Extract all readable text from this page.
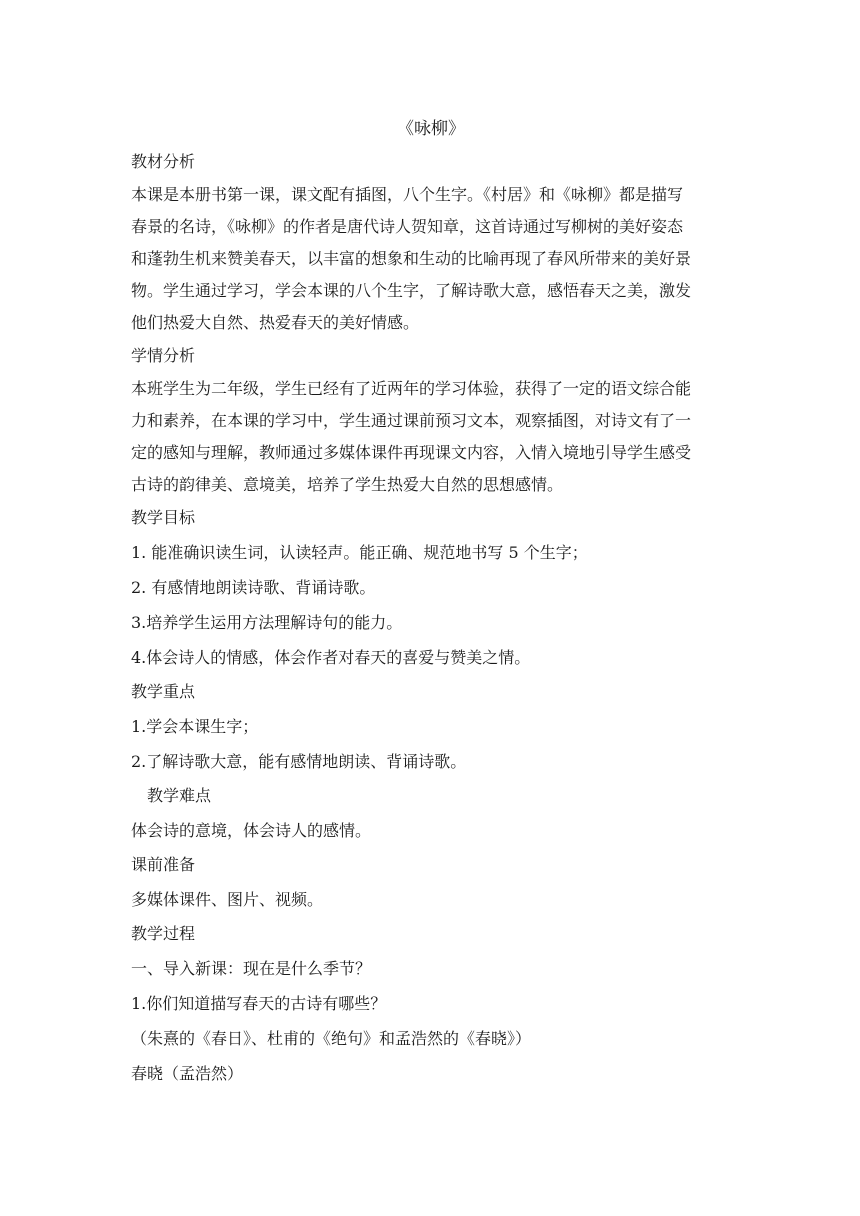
《咏柳》

教材分析

本课是本册书第一课，课文配有插图，八个生字。《村居》和《咏柳》都是描写

春景的名诗，《咏柳》的作者是唐代诗人贺知章，这首诗通过写柳树的美好姿态

和蓬勃生机来赞美春天，以丰富的想象和生动的比喻再现了春风所带来的美好景

物。学生通过学习，学会本课的八个生字，了解诗歌大意，感悟春天之美，激发

他们热爱大自然、热爱春天的美好情感。

学情分析

本班学生为二年级，学生已经有了近两年的学习体验，获得了一定的语文综合能

力和素养，在本课的学习中，学生通过课前预习文本，观察插图，对诗文有了一

定的感知与理解，教师通过多媒体课件再现课文内容，入情入境地引导学生感受

古诗的韵律美、意境美，培养了学生热爱大自然的思想感情。

教学目标

1. 能准确识读生词，认读轻声。能正确、规范地书写 5 个生字；

2. 有感情地朗读诗歌、背诵诗歌。

3.培养学生运用方法理解诗句的能力。

4.体会诗人的情感，体会作者对春天的喜爱与赞美之情。

教学重点

1.学会本课生字；

2.了解诗歌大意，能有感情地朗读、背诵诗歌。

教学难点

体会诗的意境，体会诗人的感情。

课前准备

多媒体课件、图片、视频。

教学过程

一、导入新课：现在是什么季节？

1.你们知道描写春天的古诗有哪些？

（朱熹的《春日》、杜甫的《绝句》和孟浩然的《春晓》）

春晓（孟浩然）
